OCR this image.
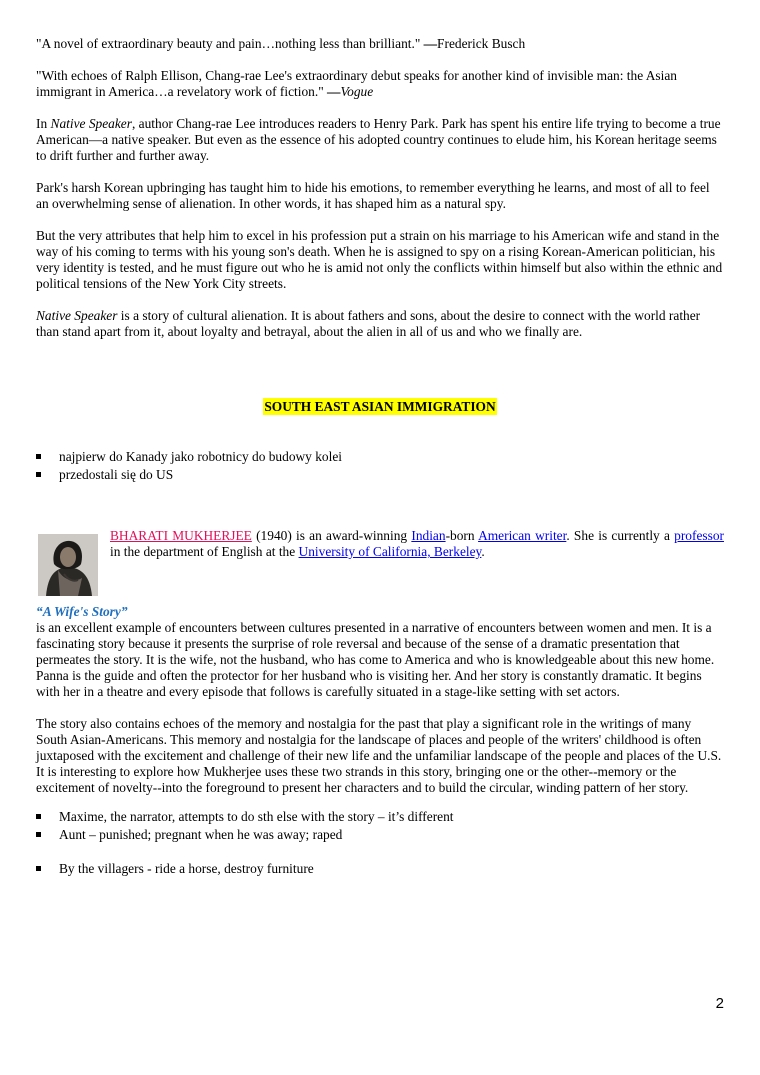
"A novel of extraordinary beauty and pain…nothing less than brilliant." —Frederick Busch

"With echoes of Ralph Ellison, Chang-rae Lee's extraordinary debut speaks for another kind of invisible man: the Asian immigrant in America…a revelatory work of fiction." —Vogue

In Native Speaker, author Chang-rae Lee introduces readers to Henry Park. Park has spent his entire life trying to become a true American—a native speaker. But even as the essence of his adopted country continues to elude him, his Korean heritage seems to drift further and further away.

Park's harsh Korean upbringing has taught him to hide his emotions, to remember everything he learns, and most of all to feel an overwhelming sense of alienation. In other words, it has shaped him as a natural spy.

But the very attributes that help him to excel in his profession put a strain on his marriage to his American wife and stand in the way of his coming to terms with his young son's death. When he is assigned to spy on a rising Korean-American politician, his very identity is tested, and he must figure out who he is amid not only the conflicts within himself but also within the ethnic and political tensions of the New York City streets.

Native Speaker is a story of cultural alienation. It is about fathers and sons, about the desire to connect with the world rather than stand apart from it, about loyalty and betrayal, about the alien in all of us and who we finally are.

SOUTH EAST ASIAN IMMIGRATION

najpierw do Kanady jako robotnicy do budowy kolei
przedostali się do US

BHARATI MUKHERJEE (1940) is an award-winning Indian-born American writer. She is currently a professor in the department of English at the University of California, Berkeley.

“A Wife's Story”

is an excellent example of encounters between cultures presented in a narrative of encounters between women and men. It is a fascinating story because it presents the surprise of role reversal and because of the sense of a dramatic presentation that permeates the story. It is the wife, not the husband, who has come to America and who is knowledgeable about this new home. Panna is the guide and often the protector for her husband who is visiting her. And her story is constantly dramatic. It begins with her in a theatre and every episode that follows is carefully situated in a stage-like setting with set actors.

The story also contains echoes of the memory and nostalgia for the past that play a significant role in the writings of many South Asian-Americans. This memory and nostalgia for the landscape of places and people of the writers' childhood is often juxtaposed with the excitement and challenge of their new life and the unfamiliar landscape of the people and places of the U.S. It is interesting to explore how Mukherjee uses these two strands in this story, bringing one or the other--memory or the excitement of novelty--into the foreground to present her characters and to build the circular, winding pattern of her story.

Maxime, the narrator, attempts to do sth else with the story – it’s different
Aunt – punished; pregnant when he was away; raped
By the villagers - ride a horse, destroy furniture
2
